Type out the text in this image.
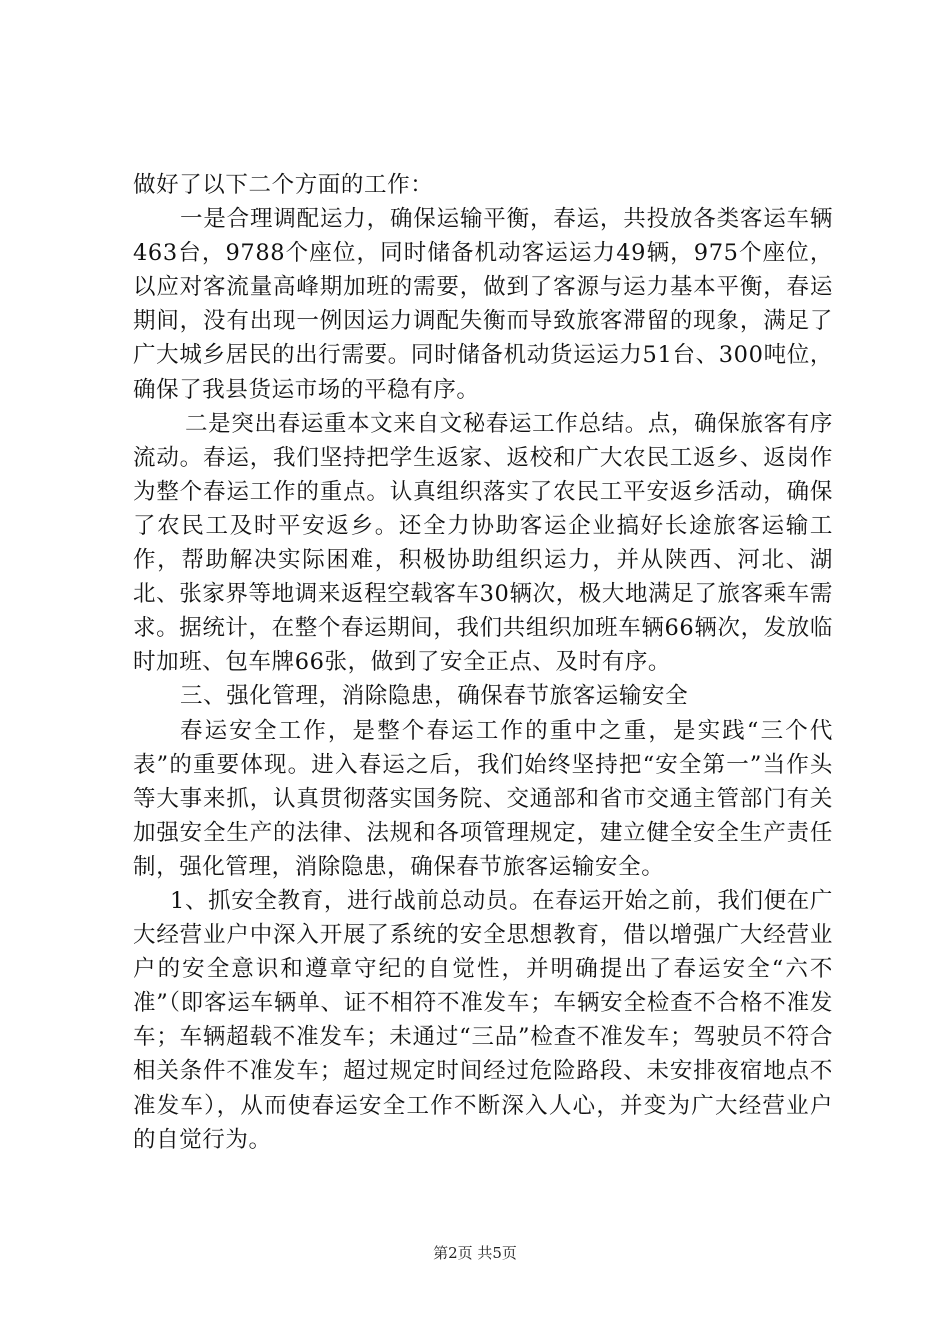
做好了以下二个方面的工作：

一是合理调配运力，确保运输平衡，春运，共投放各类客运车辆463台，9788个座位，同时储备机动客运运力49辆，975个座位，以应对客流量高峰期加班的需要，做到了客源与运力基本平衡，春运期间，没有出现一例因运力调配失衡而导致旅客滞留的现象，满足了广大城乡居民的出行需要。同时储备机动货运运力51台、300吨位，确保了我县货运市场的平稳有序。

二是突出春运重本文来自文秘春运工作总结。点，确保旅客有序流动。春运，我们坚持把学生返家、返校和广大农民工返乡、返岗作为整个春运工作的重点。认真组织落实了农民工平安返乡活动，确保了农民工及时平安返乡。还全力协助客运企业搞好长途旅客运输工作，帮助解决实际困难，积极协助组织运力，并从陕西、河北、湖北、张家界等地调来返程空载客车30辆次，极大地满足了旅客乘车需求。据统计，在整个春运期间，我们共组织加班车辆66辆次，发放临时加班、包车牌66张，做到了安全正点、及时有序。

三、强化管理，消除隐患，确保春节旅客运输安全

春运安全工作，是整个春运工作的重中之重，是实践“三个代表”的重要体现。进入春运之后，我们始终坚持把“安全第一”当作头等大事来抓，认真贯彻落实国务院、交通部和省市交通主管部门有关加强安全生产的法律、法规和各项管理规定，建立健全安全生产责任制，强化管理，消除隐患，确保春节旅客运输安全。

1、抓安全教育，进行战前总动员。在春运开始之前，我们便在广大经营业户中深入开展了系统的安全思想教育，借以增强广大经营业户的安全意识和遵章守纪的自觉性，并明确提出了春运安全“六不准”（即客运车辆单、证不相符不准发车；车辆安全检查不合格不准发车；车辆超载不准发车；未通过“三品”检查不准发车；驾驶员不符合相关条件不准发车；超过规定时间经过危险路段、未安排夜宿地点不准发车），从而使春运安全工作不断深入人心，并变为广大经营业户的自觉行为。

第2页 共5页
